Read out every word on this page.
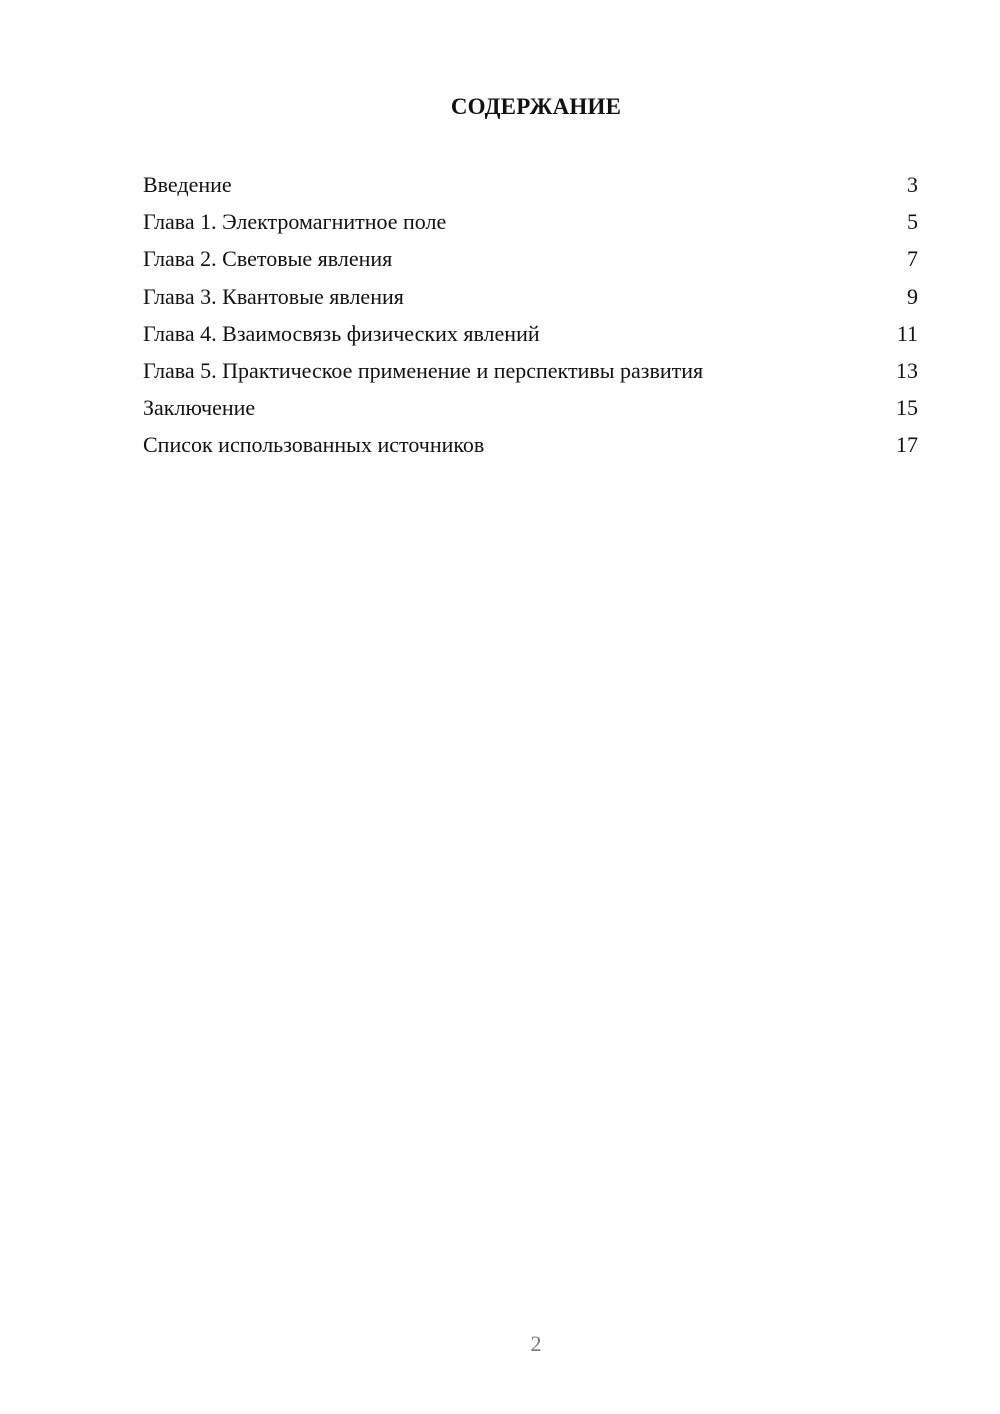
СОДЕРЖАНИЕ
Введение	3
Глава 1. Электромагнитное поле	5
Глава 2. Световые явления	7
Глава 3. Квантовые явления	9
Глава 4. Взаимосвязь физических явлений	11
Глава 5. Практическое применение и перспективы развития	13
Заключение	15
Список использованных источников	17
2
